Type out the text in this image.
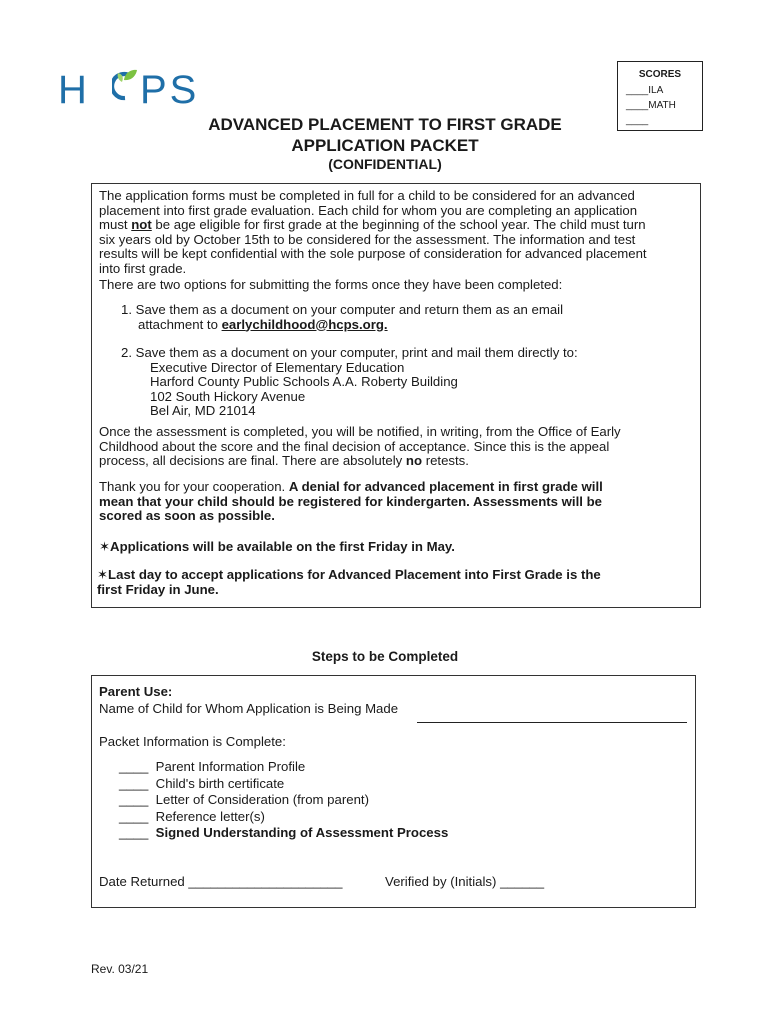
H PS	SCORES
____ILA
____MATH
____
ADVANCED PLACEMENT TO FIRST GRADE
APPLICATION PACKET
(CONFIDENTIAL)
The application forms must be completed in full for a child to be considered for an advanced
placement into first grade evaluation. Each child for whom you are completing an application
must not be age eligible for first grade at the beginning of the school year. The child must turn
six years old by October 15th to be considered for the assessment. The information and test
results will be kept confidential with the sole purpose of consideration for advanced placement
into first grade.
There are two options for submitting the forms once they have been completed:
1. Save them as a document on your computer and return them as an email
attachment to earlychildhood@hcps.org.
2. Save them as a document on your computer, print and mail them directly to:
Executive Director of Elementary Education
Harford County Public Schools A.A. Roberty Building
102 South Hickory Avenue
Bel Air, MD 21014
Once the assessment is completed, you will be notified, in writing, from the Office of Early
Childhood about the score and the final decision of acceptance. Since this is the appeal
process, all decisions are final. There are absolutely no retests.
Thank you for your cooperation. A denial for advanced placement in first grade will
mean that your child should be registered for kindergarten. Assessments will be
scored as soon as possible.
✶Applications will be available on the first Friday in May.
✶Last day to accept applications for Advanced Placement into First Grade is the
first Friday in June.
Steps to be Completed
Parent Use:
Name of Child for Whom Application is Being Made
Packet Information is Complete:
____ Parent Information Profile
____ Child's birth certificate
____ Letter of Consideration (from parent)
____ Reference letter(s)
____ Signed Understanding of Assessment Process
Date Returned _____________________	Verified by (Initials) ______
Rev. 03/21
